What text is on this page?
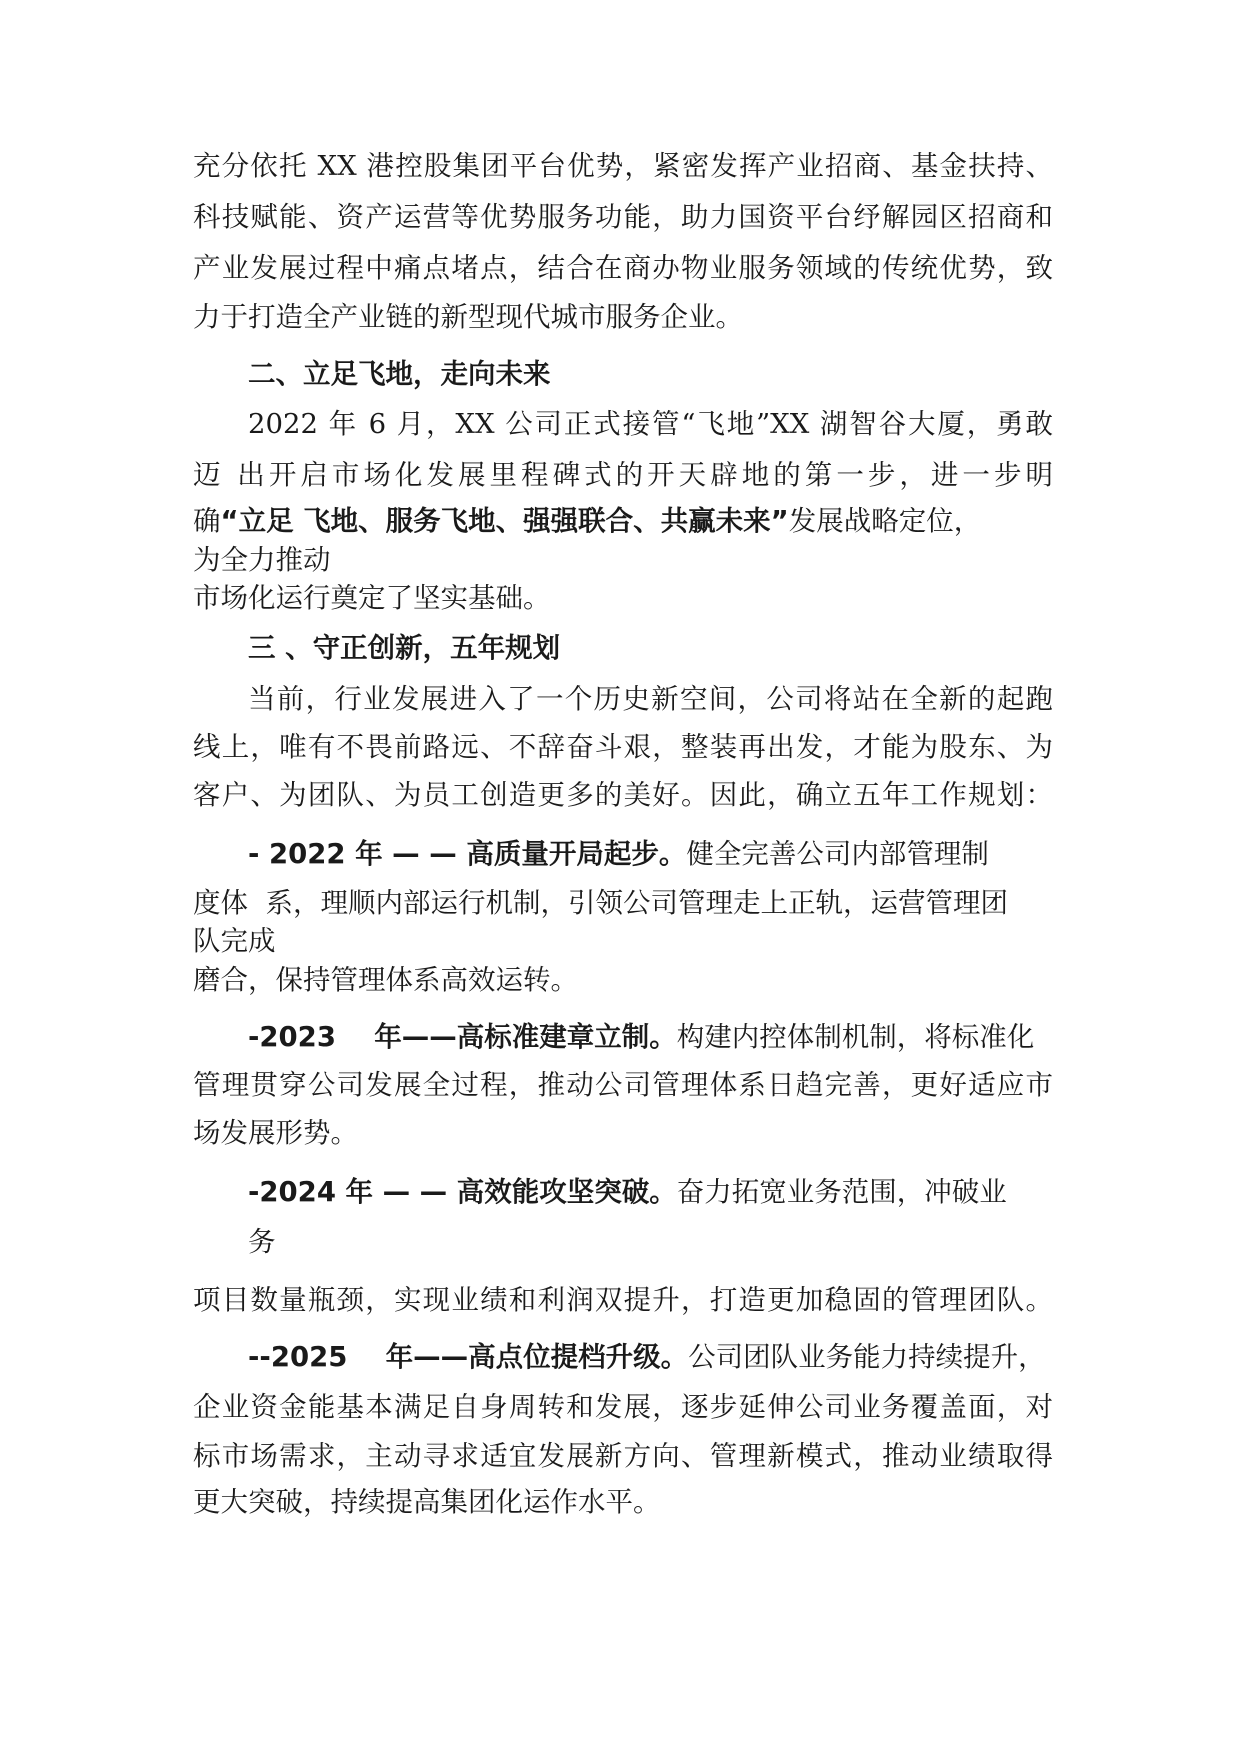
充分依托 XX 港控股集团平台优势，紧密发挥产业招商、基金扶持、

科技赋能、资产运营等优势服务功能，助力国资平台纾解园区招商和

产业发展过程中痛点堵点，结合在商办物业服务领域的传统优势，致

力于打造全产业链的新型现代城市服务企业。

二、立足飞地，走向未来

2022 年 6 月，XX 公司正式接管“飞地”XX 湖智谷大厦，勇敢

迈 出开启市场化发展里程碑式的开天辟地的第一步，进一步明

确“立足 飞地、服务飞地、强强联合、共赢未来”发展战略定位，

为全力推动

市场化运行奠定了坚实基础。

三 、守正创新，五年规划

当前，行业发展进入了一个历史新空间，公司将站在全新的起跑

线上，唯有不畏前路远、不辞奋斗艰，整装再出发，才能为股东、为

客户、为团队、为员工创造更多的美好。因此，确立五年工作规划：

- 2022 年 — — 高质量开局起步。健全完善公司内部管理制

度体  系，理顺内部运行机制，引领公司管理走上正轨，运营管理团

队完成

磨合，保持管理体系高效运转。

-2023    年——高标准建章立制。构建内控体制机制，将标准化

管理贯穿公司发展全过程，推动公司管理体系日趋完善，更好适应市

场发展形势。

-2024 年 — — 高效能攻坚突破。奋力拓宽业务范围，冲破业

务

项目数量瓶颈，实现业绩和利润双提升，打造更加稳固的管理团队。

--2025    年——高点位提档升级。公司团队业务能力持续提升，

企业资金能基本满足自身周转和发展，逐步延伸公司业务覆盖面，对

标市场需求，主动寻求适宜发展新方向、管理新模式，推动业绩取得

更大突破，持续提高集团化运作水平。
